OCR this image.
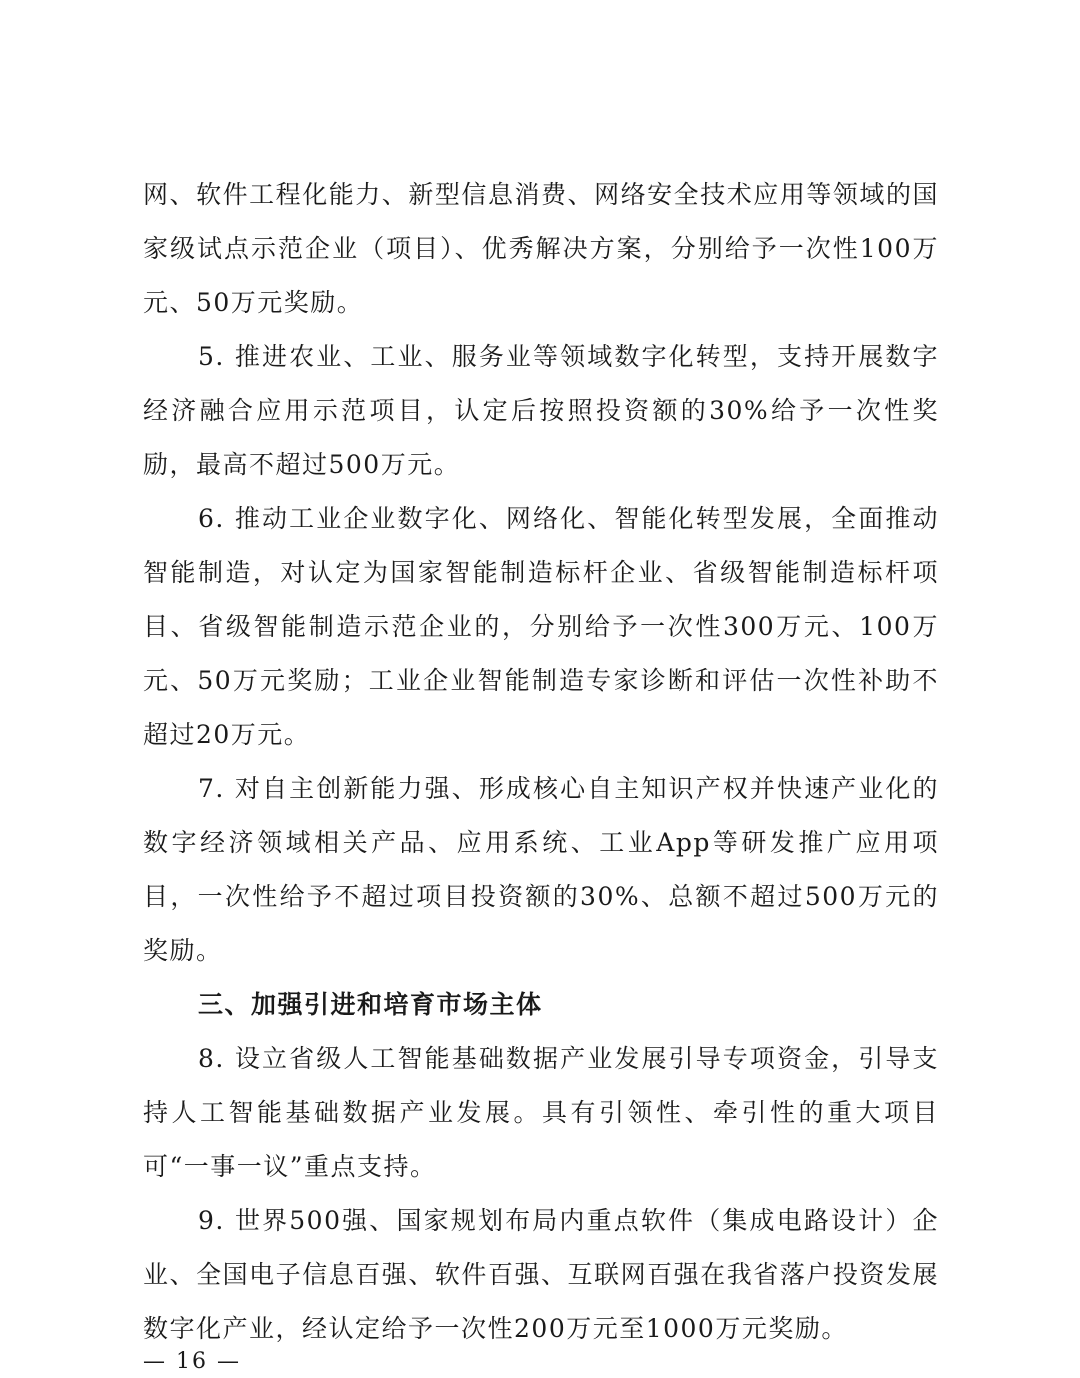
网、软件工程化能力、新型信息消费、网络安全技术应用等领域的国家级试点示范企业（项目）、优秀解决方案，分别给予一次性100万元、50万元奖励。

5. 推进农业、工业、服务业等领域数字化转型，支持开展数字经济融合应用示范项目，认定后按照投资额的30%给予一次性奖励，最高不超过500万元。

6. 推动工业企业数字化、网络化、智能化转型发展，全面推动智能制造，对认定为国家智能制造标杆企业、省级智能制造标杆项目、省级智能制造示范企业的，分别给予一次性300万元、100万元、50万元奖励；工业企业智能制造专家诊断和评估一次性补助不超过20万元。

7. 对自主创新能力强、形成核心自主知识产权并快速产业化的数字经济领域相关产品、应用系统、工业App等研发推广应用项目，一次性给予不超过项目投资额的30%、总额不超过500万元的奖励。

三、加强引进和培育市场主体

8. 设立省级人工智能基础数据产业发展引导专项资金，引导支持人工智能基础数据产业发展。具有引领性、牵引性的重大项目可“一事一议”重点支持。

9. 世界500强、国家规划布局内重点软件（集成电路设计）企业、全国电子信息百强、软件百强、互联网百强在我省落户投资发展数字化产业，经认定给予一次性200万元至1000万元奖励。

— 16 —
